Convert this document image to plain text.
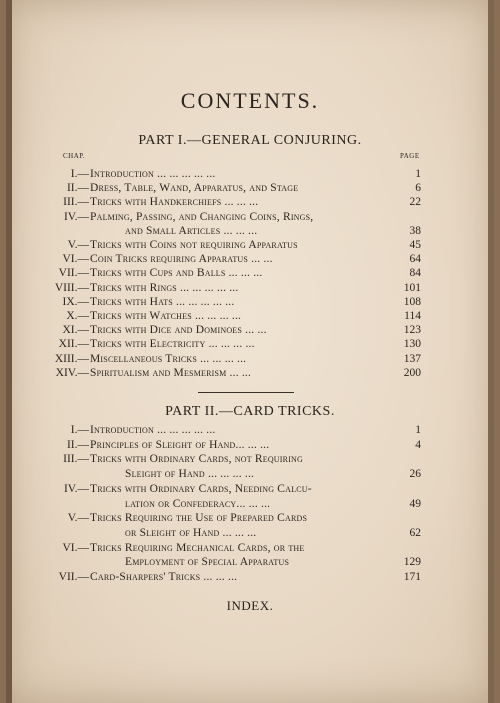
CONTENTS.
PART I.—GENERAL CONJURING.
CHAP.	PAGE
I.— Introduction ... ... ... ... ...	1
II.— Dress, Table, Wand, Apparatus, and Stage	6
III.— Tricks with Handkerchiefs ... ... ...	22
IV.— Palming, Passing, and Changing Coins, Rings,
and Small Articles ... ... ...	38
V.— Tricks with Coins not requiring Apparatus	45
VI.— Coin Tricks requiring Apparatus ... ...	64
VII.— Tricks with Cups and Balls ... ... ...	84
VIII.— Tricks with Rings ... ... ... ... ...	101
IX.— Tricks with Hats ... ... ... ... ...	108
X.— Tricks with Watches ... ... ... ...	114
XI.— Tricks with Dice and Dominoes ... ...	123
XII.— Tricks with Electricity ... ... ... ...	130
XIII.— Miscellaneous Tricks ... ... ... ...	137
XIV.— Spiritualism and Mesmerism ... ...	200
PART II.—CARD TRICKS.
I.— Introduction ... ... ... ... ...	1
II.— Principles of Sleight of Hand... ... ...	4
III.— Tricks with Ordinary Cards, not Requiring
Sleight of Hand ... ... ... ...	26
IV.— Tricks with Ordinary Cards, Needing Calcu-
lation or Confederacy... ... ...	49
V.— Tricks Requiring the Use of Prepared Cards
or Sleight of Hand ... ... ...	62
VI.— Tricks Requiring Mechanical Cards, or the
Employment of Special Apparatus	129
VII.— Card-Sharpers' Tricks ... ... ...	171
INDEX.
